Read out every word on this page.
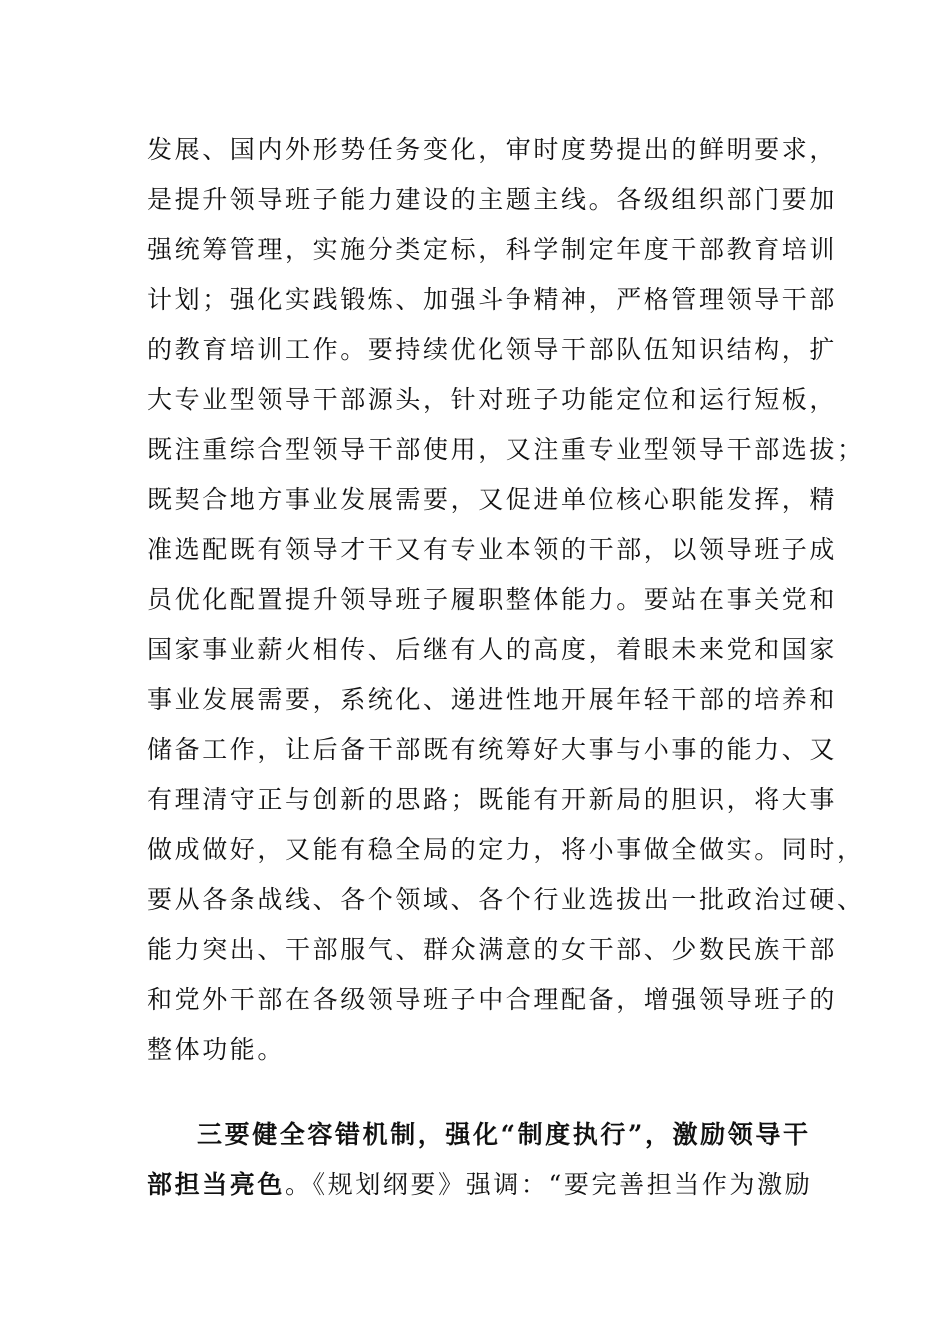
发展、国内外形势任务变化，审时度势提出的鲜明要求，
是提升领导班子能力建设的主题主线。各级组织部门要加
强统筹管理，实施分类定标，科学制定年度干部教育培训
计划；强化实践锻炼、加强斗争精神，严格管理领导干部
的教育培训工作。要持续优化领导干部队伍知识结构，扩
大专业型领导干部源头，针对班子功能定位和运行短板，
既注重综合型领导干部使用，又注重专业型领导干部选拔；
既契合地方事业发展需要，又促进单位核心职能发挥，精
准选配既有领导才干又有专业本领的干部，以领导班子成
员优化配置提升领导班子履职整体能力。要站在事关党和
国家事业薪火相传、后继有人的高度，着眼未来党和国家
事业发展需要，系统化、递进性地开展年轻干部的培养和
储备工作，让后备干部既有统筹好大事与小事的能力、又
有理清守正与创新的思路；既能有开新局的胆识，将大事
做成做好，又能有稳全局的定力，将小事做全做实。同时，
要从各条战线、各个领域、各个行业选拔出一批政治过硬、
能力突出、干部服气、群众满意的女干部、少数民族干部
和党外干部在各级领导班子中合理配备，增强领导班子的
整体功能。
三要健全容错机制，强化“制度执行”，激励领导干
部担当亮色。《规划纲要》强调：“要完善担当作为激励
